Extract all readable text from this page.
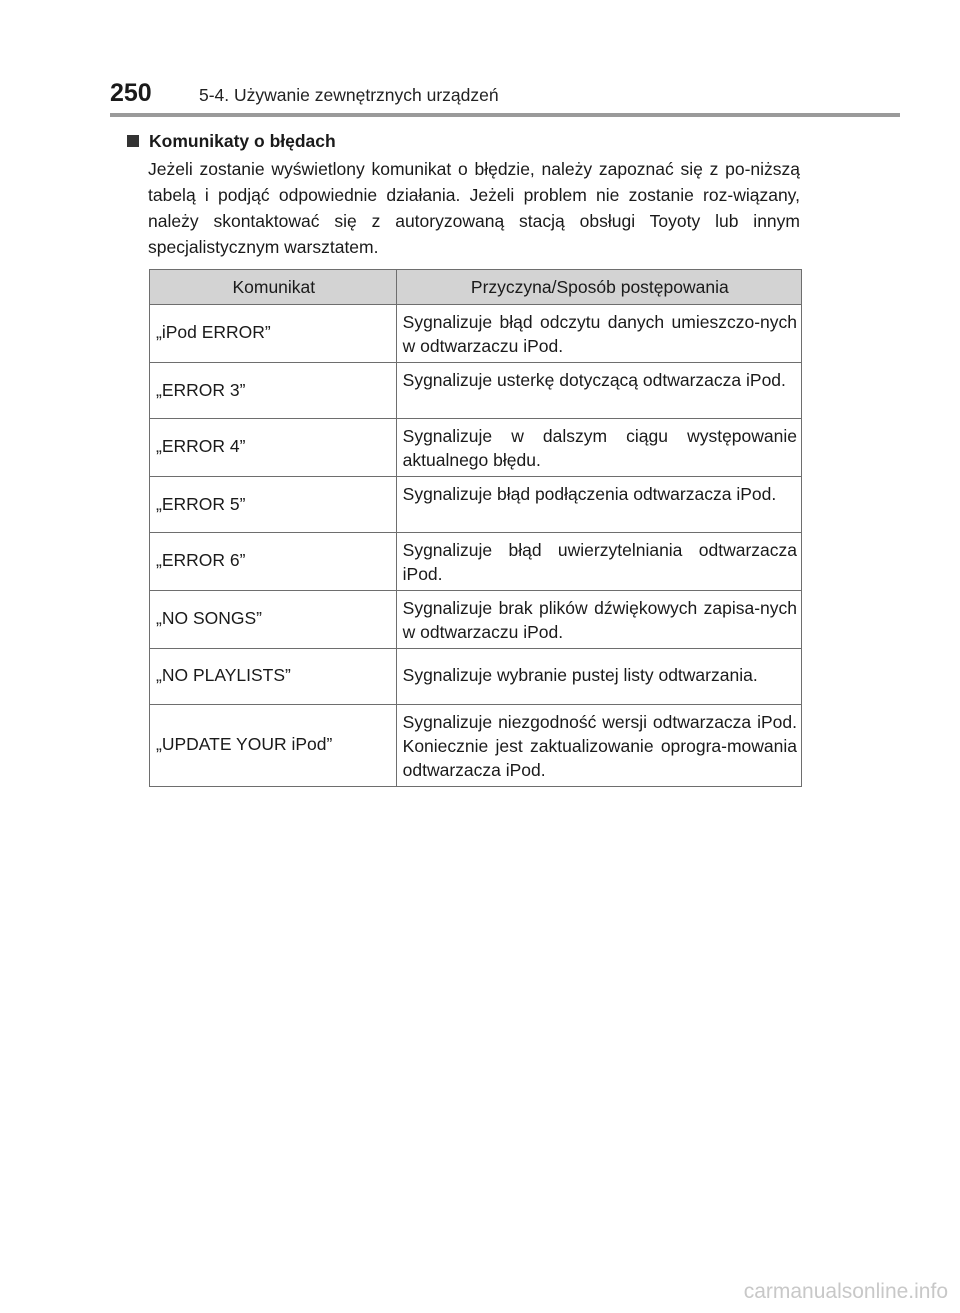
250	5-4. Używanie zewnętrznych urządzeń
Komunikaty o błędach

Jeżeli zostanie wyświetlony komunikat o błędzie, należy zapoznać się z po-niższą tabelą i podjąć odpowiednie działania. Jeżeli problem nie zostanie roz-wiązany, należy skontaktować się z autoryzowaną stacją obsługi Toyoty lub innym specjalistycznym warsztatem.

Komunikat	Przyczyna/Sposób postępowania
„iPod ERROR”	Sygnalizuje błąd odczytu danych umieszczo-nych w odtwarzaczu iPod.
„ERROR 3”	Sygnalizuje usterkę dotyczącą odtwarzacza iPod.
„ERROR 4”	Sygnalizuje w dalszym ciągu występowanie aktualnego błędu.
„ERROR 5”	Sygnalizuje błąd podłączenia odtwarzacza iPod.
„ERROR 6”	Sygnalizuje błąd uwierzytelniania odtwarzacza iPod.
„NO SONGS”	Sygnalizuje brak plików dźwiękowych zapisa-nych w odtwarzaczu iPod.
„NO PLAYLISTS”	Sygnalizuje wybranie pustej listy odtwarzania.
„UPDATE YOUR iPod”	Sygnalizuje niezgodność wersji odtwarzacza iPod. Koniecznie jest zaktualizowanie oprogra-mowania odtwarzacza iPod.
carmanualsonline.info
